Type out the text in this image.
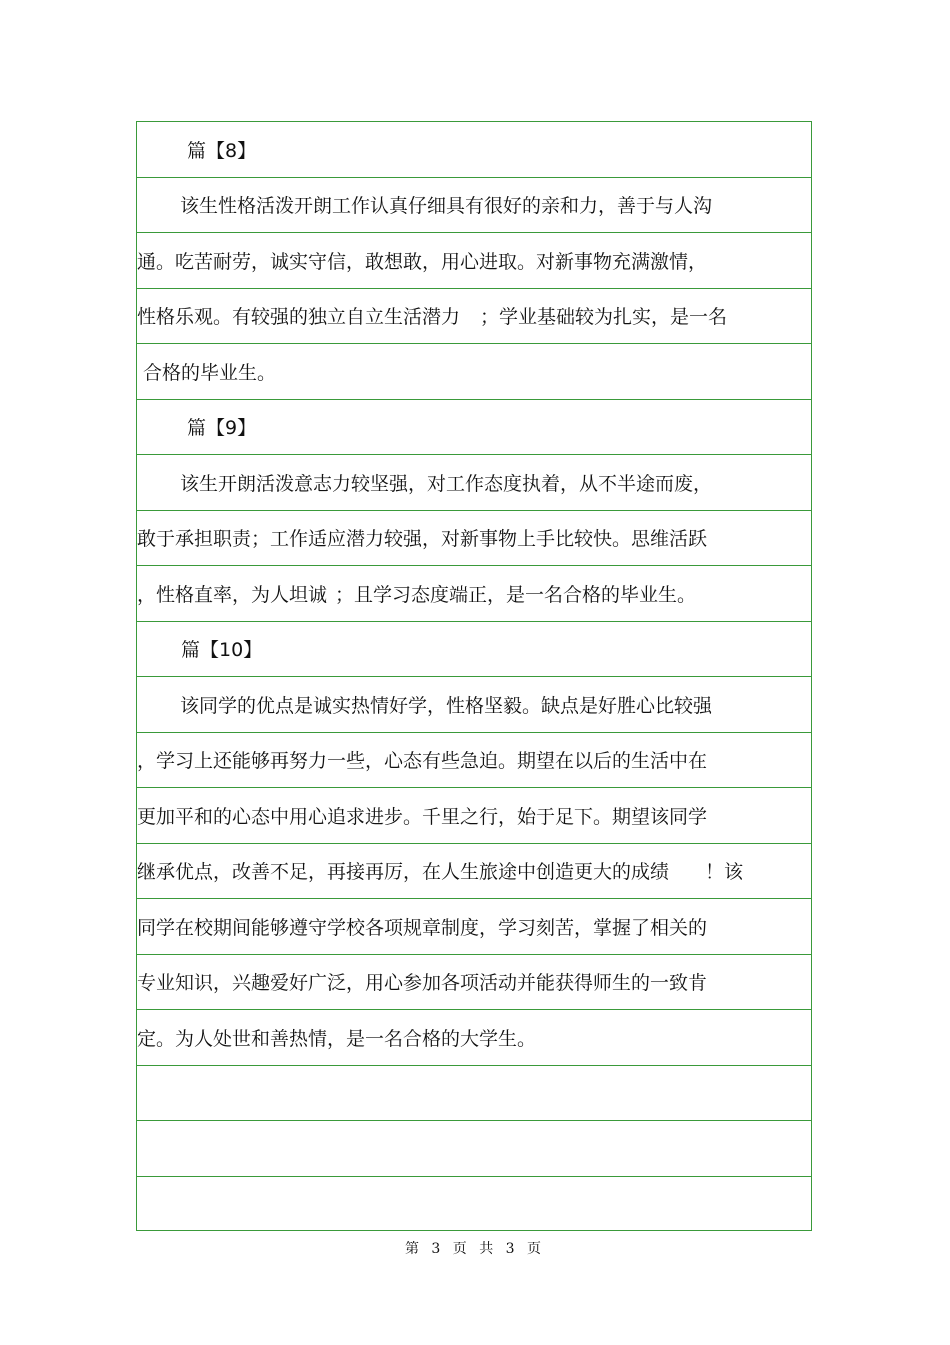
篇【8】
该生性格活泼开朗工作认真仔细具有很好的亲和力，善于与人沟
通。吃苦耐劳，诚实守信，敢想敢，用心进取。对新事物充满激情，
性格乐观。有较强的独立自立生活潜力 ；学业基础较为扎实，是一名
合格的毕业生。
篇【9】
该生开朗活泼意志力较坚强，对工作态度执着，从不半途而废，
敢于承担职责；工作适应潜力较强，对新事物上手比较快。思维活跃
，性格直率，为人坦诚 ；且学习态度端正，是一名合格的毕业生。
篇【10】
该同学的优点是诚实热情好学，性格坚毅。缺点是好胜心比较强
，学习上还能够再努力一些，心态有些急迫。期望在以后的生活中在
更加平和的心态中用心追求进步。千里之行，始于足下。期望该同学
继承优点，改善不足，再接再厉，在人生旅途中创造更大的成绩 ！该
同学在校期间能够遵守学校各项规章制度，学习刻苦，掌握了相关的
专业知识，兴趣爱好广泛，用心参加各项活动并能获得师生的一致肯
定。为人处世和善热情，是一名合格的大学生。
第 3 页 共 3 页
